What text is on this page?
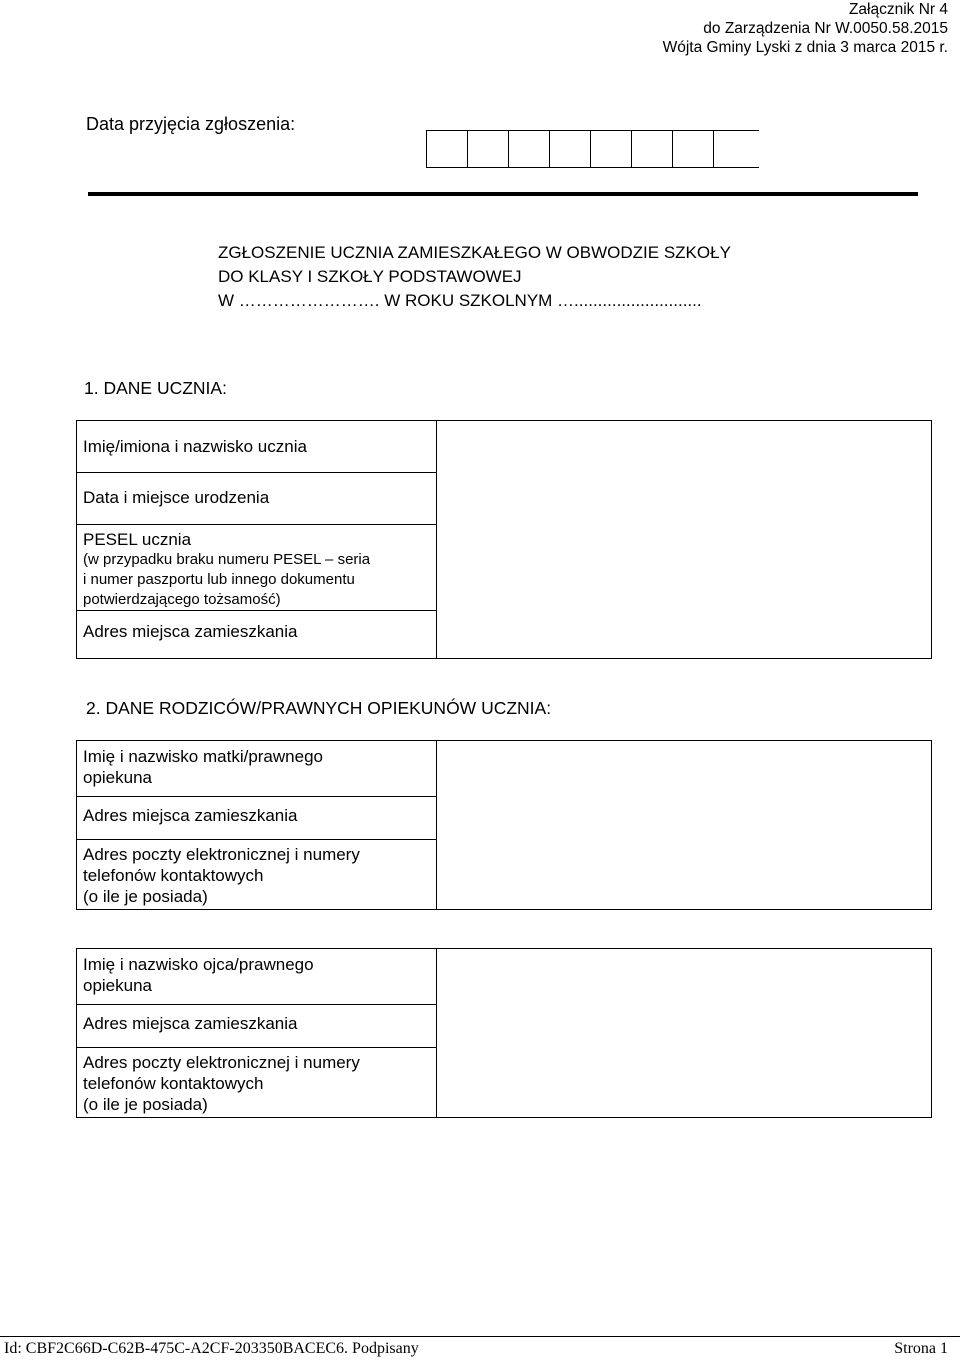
Załącznik Nr 4
do Zarządzenia Nr W.0050.58.2015
Wójta Gminy Lyski z dnia 3 marca 2015 r.
Data przyjęcia zgłoszenia:
ZGŁOSZENIE UCZNIA ZAMIESZKAŁEGO W OBWODZIE SZKOŁY
DO KLASY I SZKOŁY PODSTAWOWEJ
W ……………………. W ROKU SZKOLNYM …...........................
1. DANE UCZNIA:
Imię/imiona i nazwisko ucznia

Data i miejsce urodzenia

PESEL ucznia
(w przypadku braku numeru PESEL – seria
i numer paszportu lub innego dokumentu
potwierdzającego tożsamość)

Adres miejsca zamieszkania
2. DANE RODZICÓW/PRAWNYCH OPIEKUNÓW UCZNIA:
Imię i nazwisko matki/prawnego
opiekuna

Adres miejsca zamieszkania

Adres poczty elektronicznej i numery
telefonów kontaktowych
(o ile je posiada)
Imię i nazwisko ojca/prawnego
opiekuna

Adres miejsca zamieszkania

Adres poczty elektronicznej i numery
telefonów kontaktowych
(o ile je posiada)
Id: CBF2C66D-C62B-475C-A2CF-203350BACEC6. Podpisany	Strona 1
